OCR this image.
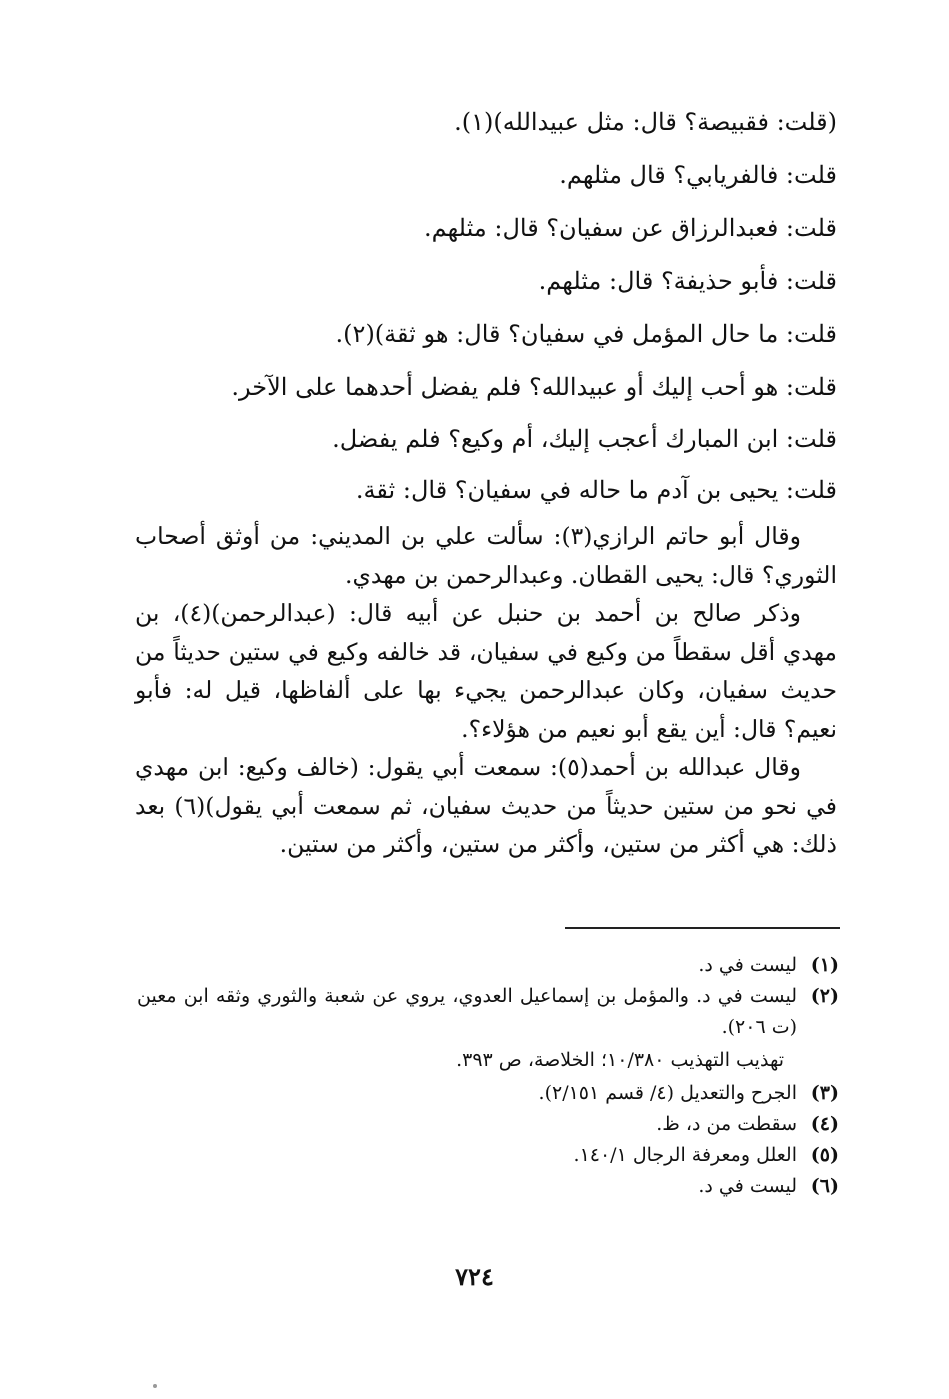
(قلت: فقبيصة؟ قال: مثل عبيدالله)(١).

قلت: فالفريابي؟ قال مثلهم.

قلت: فعبدالرزاق عن سفيان؟ قال: مثلهم.

قلت: فأبو حذيفة؟ قال: مثلهم.

قلت: ما حال المؤمل في سفيان؟ قال: هو ثقة)(٢).

قلت: هو أحب إليك أو عبيدالله؟ فلم يفضل أحدهما على الآخر.

قلت: ابن المبارك أعجب إليك، أم وكيع؟ فلم يفضل.

قلت: يحيى بن آدم ما حاله في سفيان؟ قال: ثقة.

وقال أبو حاتم الرازي(٣): سألت علي بن المديني: من أوثق أصحاب الثوري؟ قال: يحيى القطان. وعبدالرحمن بن مهدي.

وذكر صالح بن أحمد بن حنبل عن أبيه قال: (عبدالرحمن)(٤)، بن مهدي أقل سقطاً من وكيع في سفيان، قد خالفه وكيع في ستين حديثاً من حديث سفيان، وكان عبدالرحمن يجيء بها على ألفاظها، قيل له: فأبو نعيم؟ قال: أين يقع أبو نعيم من هؤلاء؟.

وقال عبدالله بن أحمد(٥): سمعت أبي يقول: (خالف وكيع: ابن مهدي في نحو من ستين حديثاً من حديث سفيان، ثم سمعت أبي يقول)(٦) بعد ذلك: هي أكثر من ستين، وأكثر من ستين، وأكثر من ستين.

(١)
ليست في د.
(٢)
ليست في د. والمؤمل بن إسماعيل العدوي، يروي عن شعبة والثوري وثقه ابن معين (ت ٢٠٦).
تهذيب التهذيب ١٠/٣٨٠؛ الخلاصة، ص ٣٩٣.
(٣)
الجرح والتعديل (٤/ قسم ٢/١٥١).
(٤)
سقطت من د، ظ.
(٥)
العلل ومعرفة الرجال ١٤٠/١.
(٦)
ليست في د.
٧٢٤
